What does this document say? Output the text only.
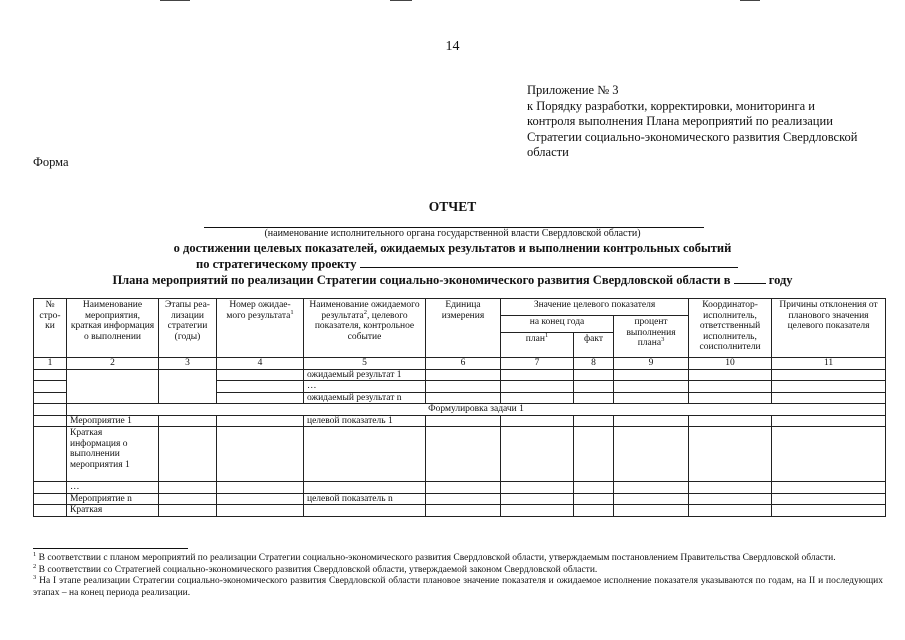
14
Приложение № 3
к Порядку разработки, корректировки, мониторинга и
контроля выполнения Плана мероприятий по реализации
Стратегии социально-экономического развития Свердловской
области
Форма
ОТЧЕТ
(наименование исполнительного органа государственной власти Свердловской области)
о достижении целевых показателей, ожидаемых результатов и выполнении контрольных событий
по стратегическому проекту
Плана мероприятий по реализации Стратегии социально-экономического развития Свердловской области в	году
№ стро-ки	Наименование мероприятия, краткая информация о выполнении	Этапы реа-лизации стратегии (годы)	Номер ожидае-мого результата$^1$	Наименование ожидаемого результата$^2$, целевого показателя, контрольное событие	Единица измерения	Значение целевого показателя			Координатор-исполнитель, ответственный исполнитель, соисполнители	Причины отклонения от планового значения целевого показателя
						на конец года		процент выполнения плана$^3$
						план$^1$	факт			
1	2	3	4	5	6	7	8	9	10	11
				ожидаемый результат 1						
				…						
				ожидаемый результат n						
	Формулировка задачи 1									
	Мероприятие 1			целевой показатель 1						
	Краткая информация о выполнении мероприятия 1									
	…									
	Мероприятие n			целевой показатель n						
	Краткая									

$^1$ В соответствии с планом мероприятий по реализации Стратегии социально-экономического развития Свердловской области, утверждаемым постановлением Правительства Свердловской области.

$^2$ В соответствии со Стратегией социально-экономического развития Свердловской области, утверждаемой законом Свердловской области.

$^3$ На I этапе реализации Стратегии социально-экономического развития Свердловской области плановое значение показателя и ожидаемое исполнение показателя указываются по годам, на II и последующих этапах – на конец периода реализации.
